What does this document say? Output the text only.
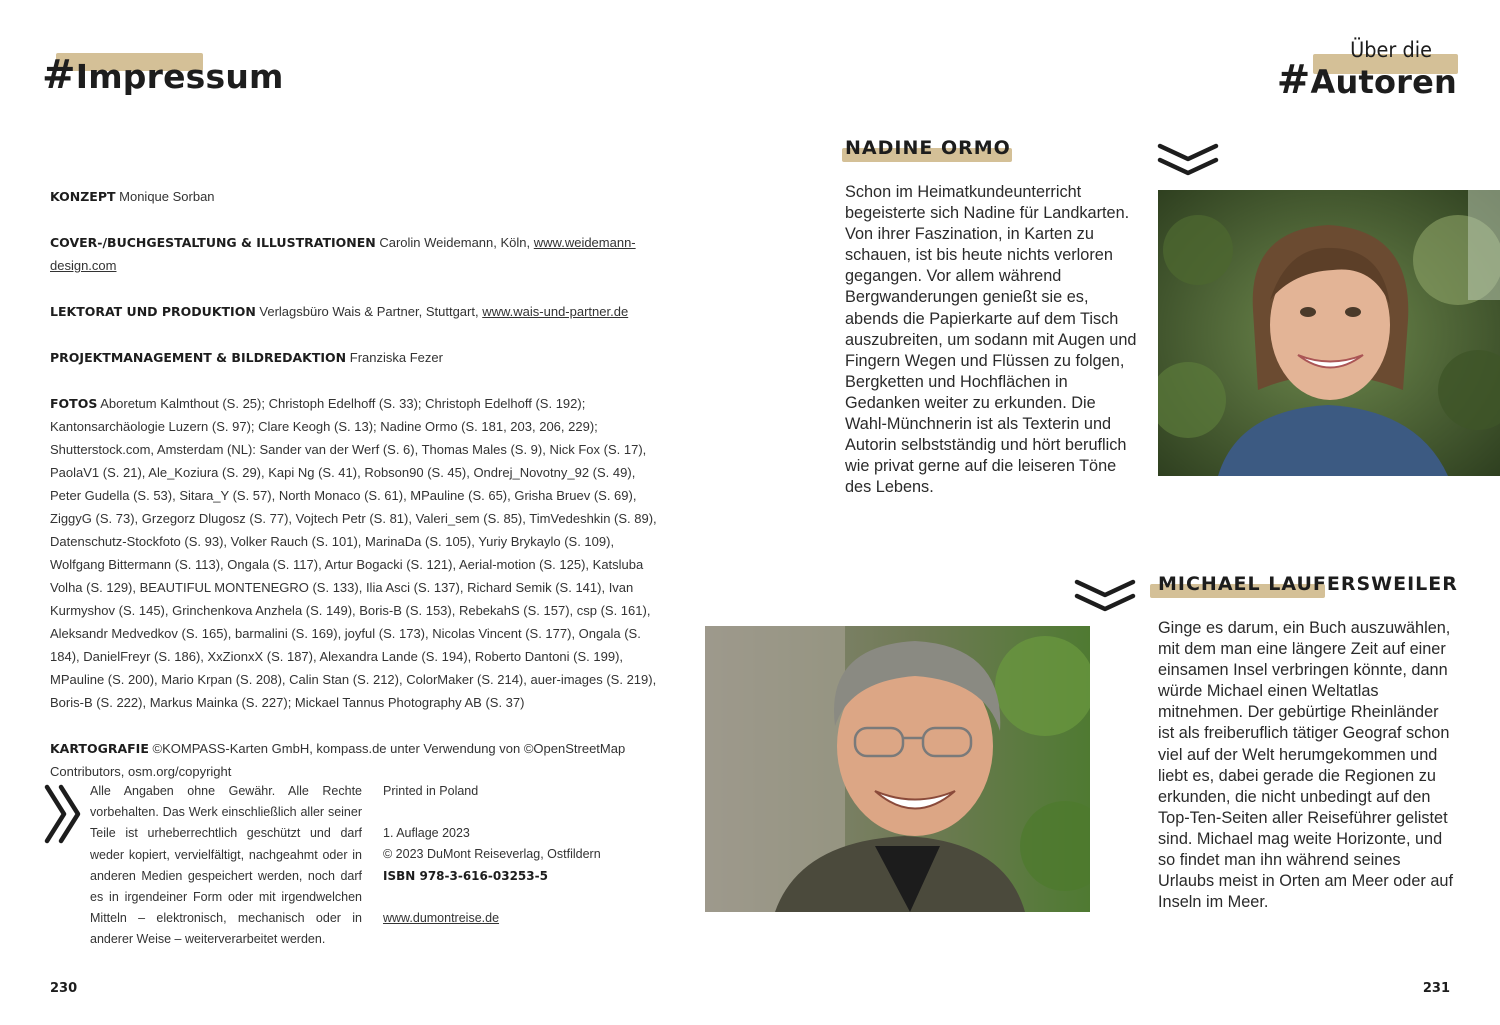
#Impressum

KONZEPT Monique Sorban

COVER-/BUCHGESTALTUNG & ILLUSTRATIONEN Carolin Weidemann, Köln, www.weidemann-design.com

LEKTORAT UND PRODUKTION Verlagsbüro Wais & Partner, Stuttgart, www.wais-und-partner.de

PROJEKTMANAGEMENT & BILDREDAKTION Franziska Fezer

FOTOS Aboretum Kalmthout (S. 25); Christoph Edelhoff (S. 33); Christoph Edelhoff (S. 192); Kantonsarchäologie Luzern (S. 97); Clare Keogh (S. 13); Nadine Ormo (S. 181, 203, 206, 229); Shutterstock.com, Amsterdam (NL): Sander van der Werf (S. 6), Thomas Males (S. 9), Nick Fox (S. 17), PaolaV1 (S. 21), Ale_Koziura (S. 29), Kapi Ng (S. 41), Robson90 (S. 45), Ondrej_Novotny_92 (S. 49), Peter Gudella (S. 53), Sitara_Y (S. 57), North Monaco (S. 61), MPauline (S. 65), Grisha Bruev (S. 69), ZiggyG (S. 73), Grzegorz Dlugosz (S. 77), Vojtech Petr (S. 81), Valeri_sem (S. 85), TimVedeshkin (S. 89), Datenschutz-Stockfoto (S. 93), Volker Rauch (S. 101), MarinaDa (S. 105), Yuriy Brykaylo (S. 109), Wolfgang Bittermann (S. 113), Ongala (S. 117), Artur Bogacki (S. 121), Aerial-motion (S. 125), Katsluba Volha (S. 129), BEAUTIFUL MONTENEGRO (S. 133), Ilia Asci (S. 137), Richard Semik (S. 141), Ivan Kurmyshov (S. 145), Grinchenkova Anzhela (S. 149), Boris-B (S. 153), RebekahS (S. 157), csp (S. 161), Aleksandr Medvedkov (S. 165), barmalini (S. 169), joyful (S. 173), Nicolas Vincent (S. 177), Ongala (S. 184), DanielFreyr (S. 186), XxZionxX (S. 187), Alexandra Lande (S. 194), Roberto Dantoni (S. 199), MPauline (S. 200), Mario Krpan (S. 208), Calin Stan (S. 212), ColorMaker (S. 214), auer-images (S. 219), Boris-B (S. 222), Markus Mainka (S. 227); Mickael Tannus Photography AB (S. 37)

KARTOGRAFIE ©KOMPASS-Karten GmbH, kompass.de unter Verwendung von ©OpenStreetMap Contributors, osm.org/copyright

Alle Angaben ohne Gewähr. Alle Rechte vorbehalten. Das Werk einschließlich aller seiner Teile ist urheberrechtlich geschützt und darf weder kopiert, vervielfältigt, nachgeahmt oder in anderen Medien gespeichert werden, noch darf es in irgendeiner Form oder mit irgendwelchen Mitteln – elektronisch, mechanisch oder in anderer Weise – weiterverarbeitet werden.
Printed in Poland
1. Auflage 2023
© 2023 DuMont Reiseverlag, Ostfildern
ISBN 978-3-616-03253-5
www.dumontreise.de
230
Über die
#Autoren
NADINE ORMO
Schon im Heimatkundeunterricht begeisterte sich Nadine für Landkarten. Von ihrer Faszination, in Karten zu schauen, ist bis heute nichts verloren gegangen. Vor allem während Bergwanderungen genießt sie es, abends die Papierkarte auf dem Tisch auszubreiten, um sodann mit Augen und Fingern Wegen und Flüssen zu folgen, Bergketten und Hochflächen in Gedanken weiter zu erkunden. Die Wahl-Münchnerin ist als Texterin und Autorin selbstständig und hört beruflich wie privat gerne auf die leiseren Töne des Lebens.
MICHAEL LAUFERSWEILER
Ginge es darum, ein Buch auszuwählen, mit dem man eine längere Zeit auf einer einsamen Insel verbringen könnte, dann würde Michael einen Weltatlas mitnehmen. Der gebürtige Rheinländer ist als freiberuflich tätiger Geograf schon viel auf der Welt herumgekommen und liebt es, dabei gerade die Regionen zu erkunden, die nicht unbedingt auf den Top-Ten-Seiten aller Reiseführer gelistet sind. Michael mag weite Horizonte, und so findet man ihn während seines Urlaubs meist in Orten am Meer oder auf Inseln im Meer.
231
